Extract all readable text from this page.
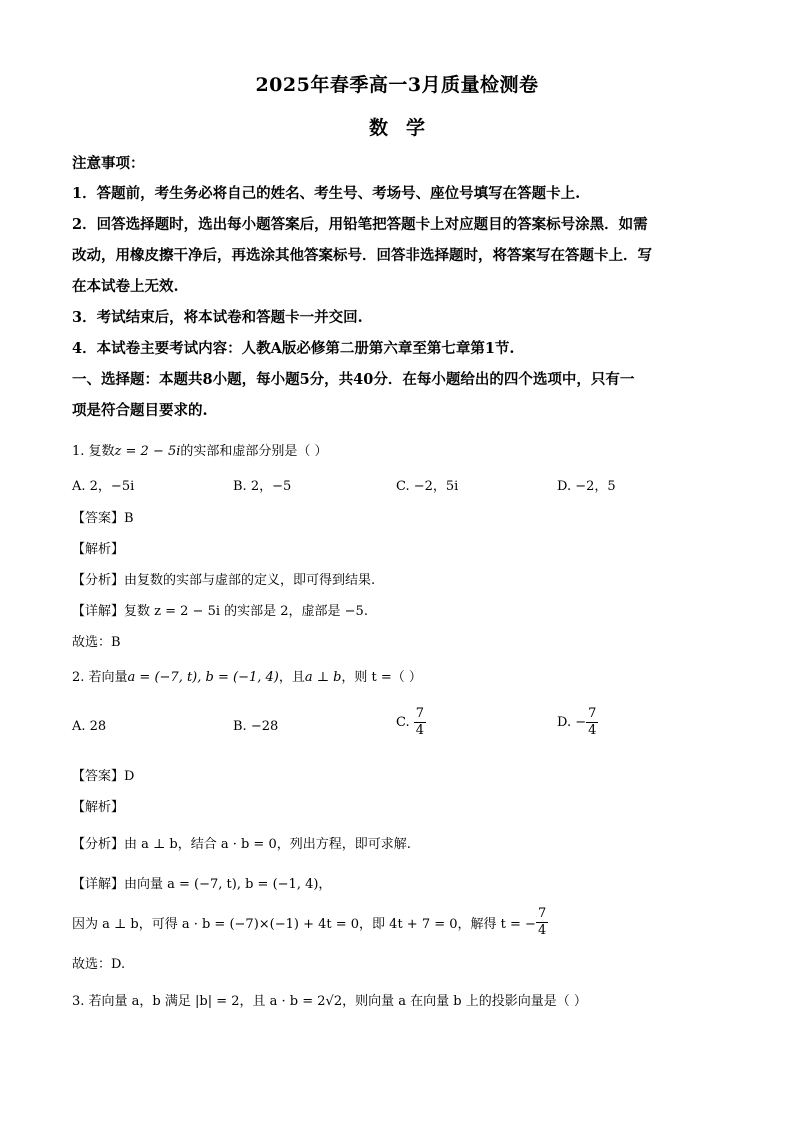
2025年春季高一3月质量检测卷
数学
注意事项：
1．答题前，考生务必将自己的姓名、考生号、考场号、座位号填写在答题卡上.
2．回答选择题时，选出每小题答案后，用铅笔把答题卡上对应题目的答案标号涂黑．如需
改动，用橡皮擦干净后，再选涂其他答案标号．回答非选择题时，将答案写在答题卡上．写
在本试卷上无效.
3．考试结束后，将本试卷和答题卡一并交回.
4．本试卷主要考试内容：人教A版必修第二册第六章至第七章第1节.
一、选择题：本题共8小题，每小题5分，共40分．在每小题给出的四个选项中，只有一
项是符合题目要求的.
1. 复数z = 2 − 5i的实部和虚部分别是（ ）
A. 2，−5i	B. 2，−5	C. −2，5i	D. −2，5
【答案】B
【解析】
【分析】由复数的实部与虚部的定义，即可得到结果.
【详解】复数 z = 2 − 5i 的实部是 2，虚部是 −5.
故选：B
2. 若向量a = (−7, t), b = (−1, 4)，且a ⊥ b，则 t =（ ）
A. 28	B. −28	C. $\frac{7}{4}$	D. − $\frac{7}{4}$
【答案】D
【解析】
【分析】由 a ⊥ b，结合 a · b = 0，列出方程，即可求解.
【详解】由向量 a = (−7, t), b = (−1, 4)，
因为 a ⊥ b，可得 a · b = (−7)×(−1) + 4t = 0，即 4t + 7 = 0，解得 t = − $\frac{7}{4}$
故选：D.
3. 若向量 a，b 满足 |b| = 2，且 a · b = 2√2，则向量 a 在向量 b 上的投影向量是（ ）
